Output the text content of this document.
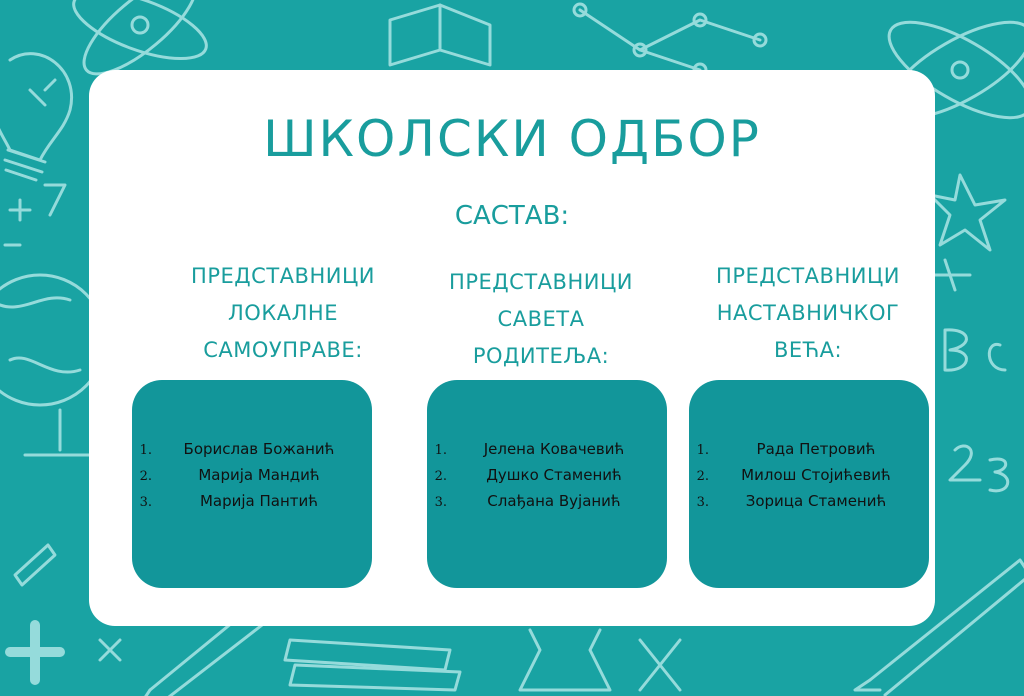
ШКОЛСКИ ОДБОР
САСТАВ:
ПРЕДСТАВНИЦИ
ЛОКАЛНЕ
САМОУПРАВЕ:
1.	Борислав Божанић
2.	Марија Мандић
3.	Марија Пантић
ПРЕДСТАВНИЦИ
САВЕТА
РОДИТЕЉА:
1.	Јелена Ковачевић
2.	Душко Стаменић
3.	Слађана Вујанић
ПРЕДСТАВНИЦИ
НАСТАВНИЧКОГ
ВЕЋА:
1.	Рада Петровић
2.	Милош Стојићевић
3.	Зорица Стаменић
